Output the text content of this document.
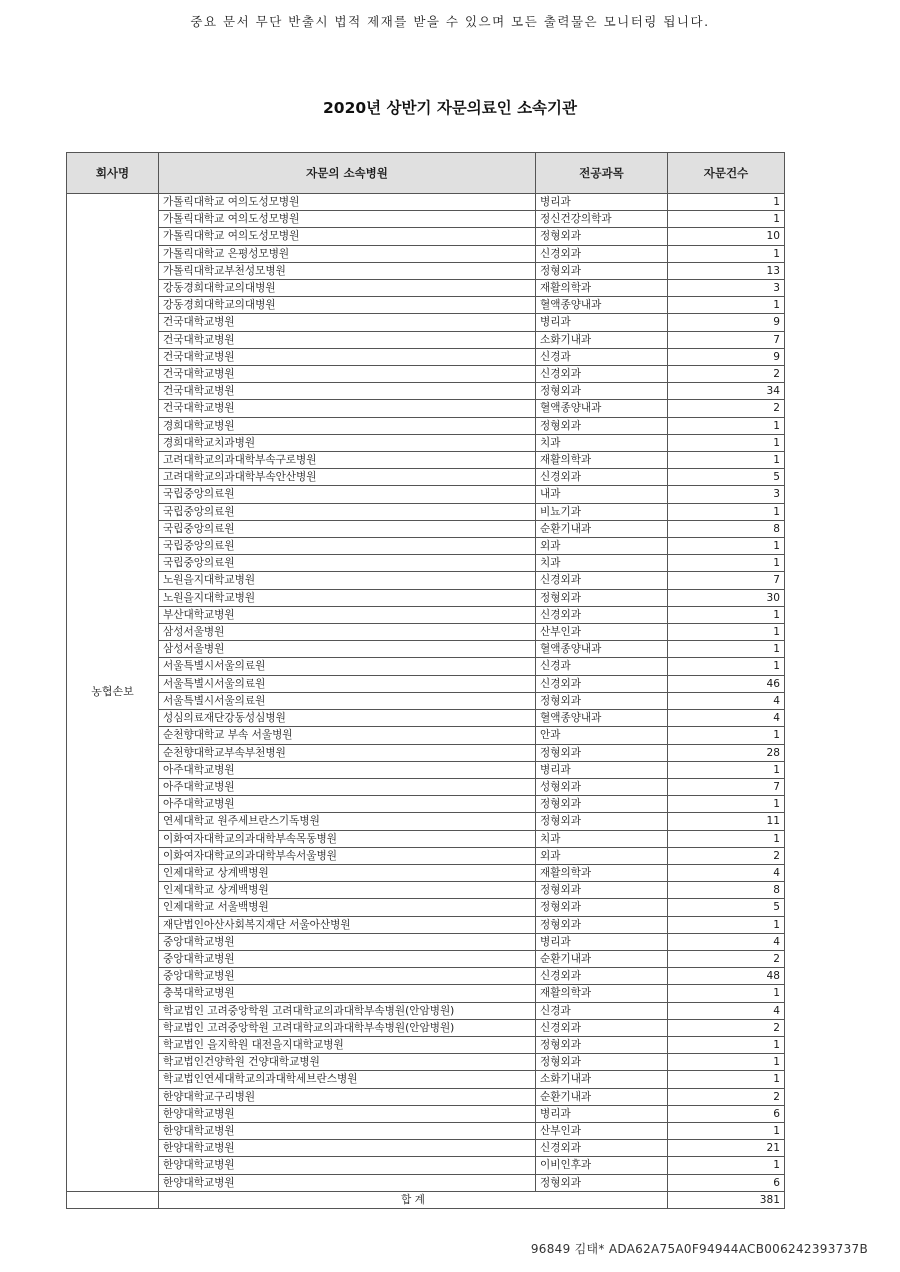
중요 문서 무단 반출시 법적 제재를 받을 수 있으며 모든 출력물은 모니터링 됩니다.
2020년 상반기 자문의료인 소속기관
회사명	자문의 소속병원	전공과목	자문건수
농협손보	가톨릭대학교 여의도성모병원	병리과	1
	가톨릭대학교 여의도성모병원	정신건강의학과	1
	가톨릭대학교 여의도성모병원	정형외과	10
	가톨릭대학교 은평성모병원	신경외과	1
	가톨릭대학교부천성모병원	정형외과	13
	강동경희대학교의대병원	재활의학과	3
	강동경희대학교의대병원	혈액종양내과	1
	건국대학교병원	병리과	9
	건국대학교병원	소화기내과	7
	건국대학교병원	신경과	9
	건국대학교병원	신경외과	2
	건국대학교병원	정형외과	34
	건국대학교병원	혈액종양내과	2
	경희대학교병원	정형외과	1
	경희대학교치과병원	치과	1
	고려대학교의과대학부속구로병원	재활의학과	1
	고려대학교의과대학부속안산병원	신경외과	5
	국립중앙의료원	내과	3
	국립중앙의료원	비뇨기과	1
	국립중앙의료원	순환기내과	8
	국립중앙의료원	외과	1
	국립중앙의료원	치과	1
	노원을지대학교병원	신경외과	7
	노원을지대학교병원	정형외과	30
	부산대학교병원	신경외과	1
	삼성서울병원	산부인과	1
	삼성서울병원	혈액종양내과	1
	서울특별시서울의료원	신경과	1
	서울특별시서울의료원	신경외과	46
	서울특별시서울의료원	정형외과	4
	성심의료재단강동성심병원	혈액종양내과	4
	순천향대학교 부속 서울병원	안과	1
	순천향대학교부속부천병원	정형외과	28
	아주대학교병원	병리과	1
	아주대학교병원	성형외과	7
	아주대학교병원	정형외과	1
	연세대학교 원주세브란스기독병원	정형외과	11
	이화여자대학교의과대학부속목동병원	치과	1
	이화여자대학교의과대학부속서울병원	외과	2
	인제대학교 상계백병원	재활의학과	4
	인제대학교 상계백병원	정형외과	8
	인제대학교 서울백병원	정형외과	5
	재단법인아산사회복지재단 서울아산병원	정형외과	1
	중앙대학교병원	병리과	4
	중앙대학교병원	순환기내과	2
	중앙대학교병원	신경외과	48
	충북대학교병원	재활의학과	1
	학교법인 고려중앙학원 고려대학교의과대학부속병원(안암병원)	신경과	4
	학교법인 고려중앙학원 고려대학교의과대학부속병원(안암병원)	신경외과	2
	학교법인 을지학원 대전을지대학교병원	정형외과	1
	학교법인건양학원 건양대학교병원	정형외과	1
	학교법인연세대학교의과대학세브란스병원	소화기내과	1
	한양대학교구리병원	순환기내과	2
	한양대학교병원	병리과	6
	한양대학교병원	산부인과	1
	한양대학교병원	신경외과	21
	한양대학교병원	이비인후과	1
	한양대학교병원	정형외과	6
	합 계		381
96849 김태* ADA62A75A0F94944ACB006242393737B
